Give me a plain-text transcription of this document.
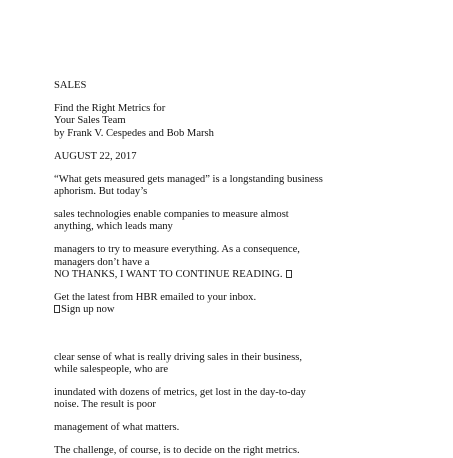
SALES

Find the Right Metrics for

Your Sales Team

by Frank V. Cespedes and Bob Marsh

AUGUST 22, 2017

“What gets measured gets managed” is a longstanding business

aphorism. But today’s

sales technologies enable companies to measure almost

anything, which leads many

managers to try to measure everything. As a consequence,

managers don’t have a

NO THANKS, I WANT TO CONTINUE READING.

Get the latest from HBR emailed to your inbox.

Sign up now

clear sense of what is really driving sales in their business,

while salespeople, who are

inundated with dozens of metrics, get lost in the day-to-day

noise. The result is poor

management of what matters.

The challenge, of course, is to decide on the right metrics.
